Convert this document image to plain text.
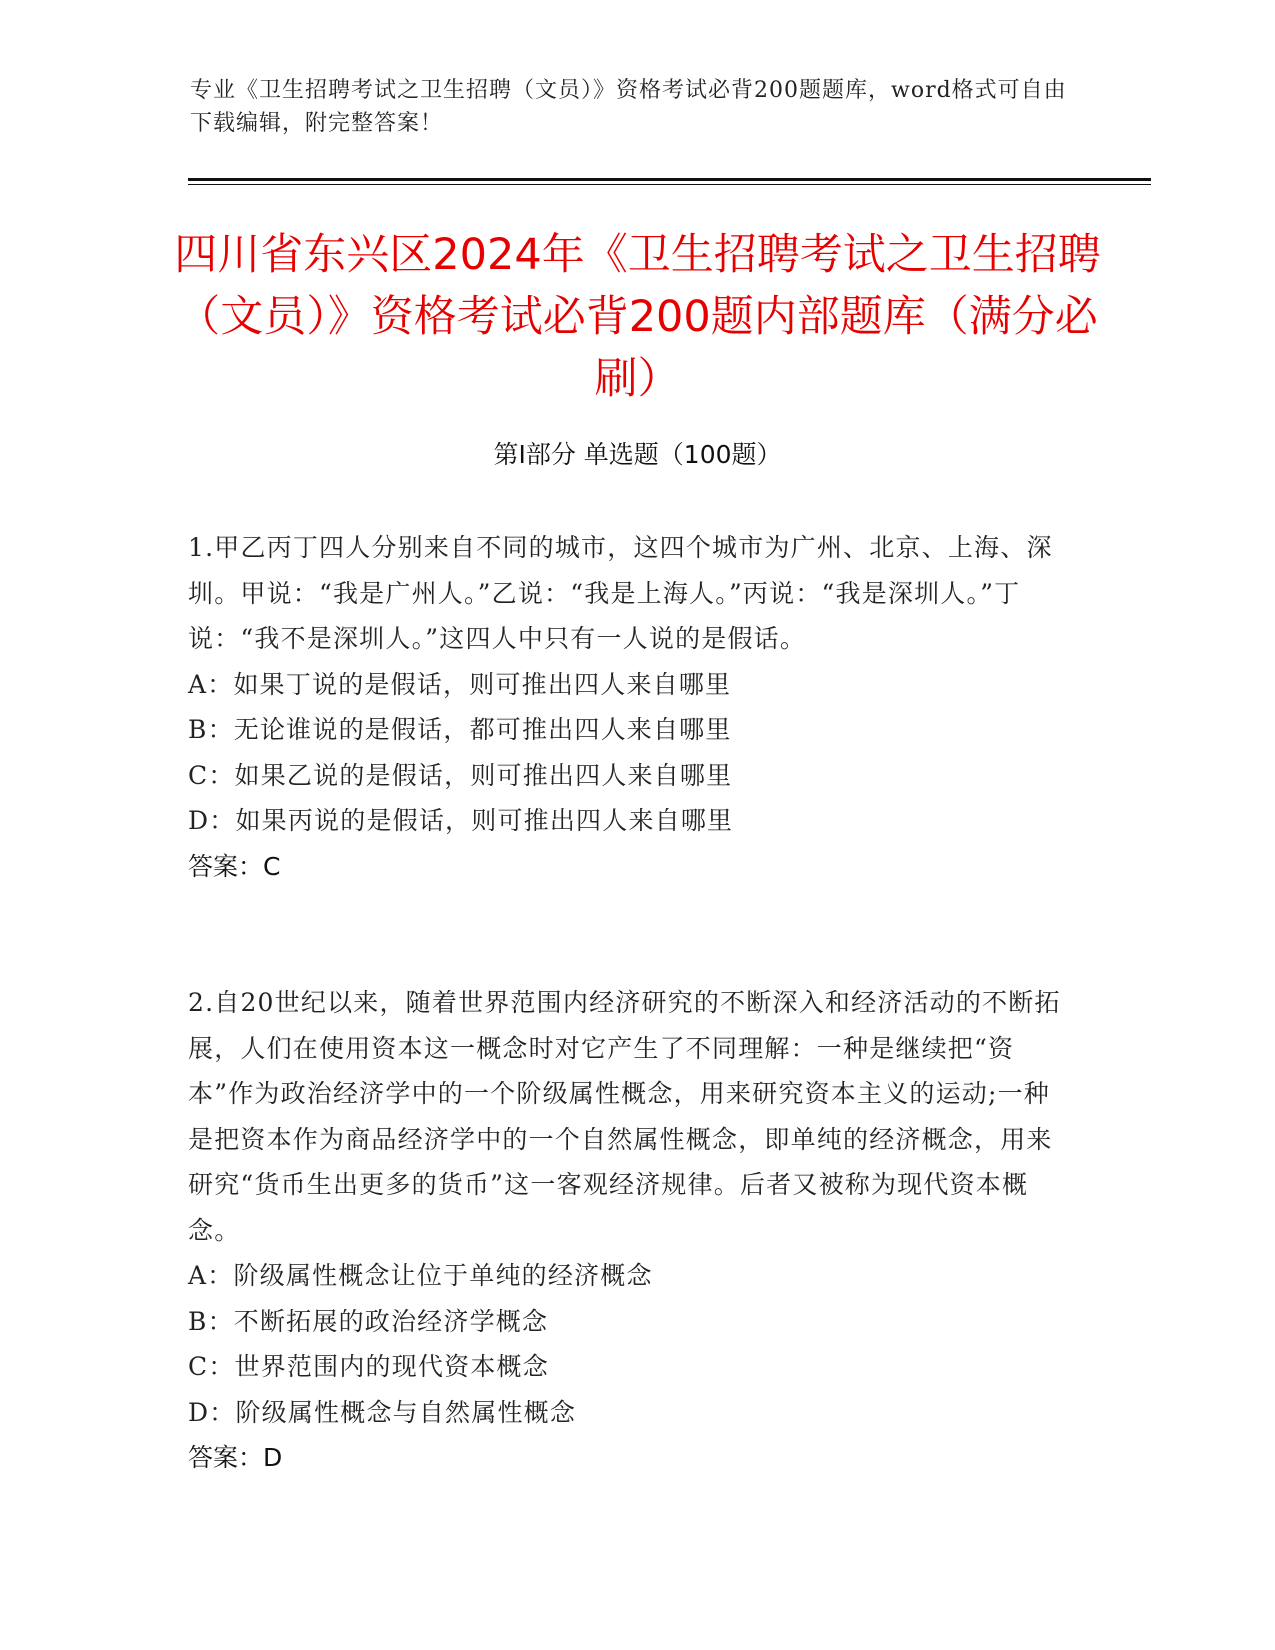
专业《卫生招聘考试之卫生招聘（文员）》资格考试必背200题题库，word格式可自由下载编辑，附完整答案！
四川省东兴区2024年《卫生招聘考试之卫生招聘（文员）》资格考试必背200题内部题库（满分必刷）
第Ⅰ部分 单选题（100题）

1.甲乙丙丁四人分别来自不同的城市，这四个城市为广州、北京、上海、深圳。甲说：“我是广州人。”乙说：“我是上海人。”丙说：“我是深圳人。”丁说：“我不是深圳人。”这四人中只有一人说的是假话。

A：如果丁说的是假话，则可推出四人来自哪里

B：无论谁说的是假话，都可推出四人来自哪里

C：如果乙说的是假话，则可推出四人来自哪里

D：如果丙说的是假话，则可推出四人来自哪里

答案：C

2.自20世纪以来，随着世界范围内经济研究的不断深入和经济活动的不断拓展，人们在使用资本这一概念时对它产生了不同理解：一种是继续把“资本”作为政治经济学中的一个阶级属性概念，用来研究资本主义的运动;一种是把资本作为商品经济学中的一个自然属性概念，即单纯的经济概念，用来研究“货币生出更多的货币”这一客观经济规律。后者又被称为现代资本概念。

A：阶级属性概念让位于单纯的经济概念

B：不断拓展的政治经济学概念

C：世界范围内的现代资本概念

D：阶级属性概念与自然属性概念

答案：D
